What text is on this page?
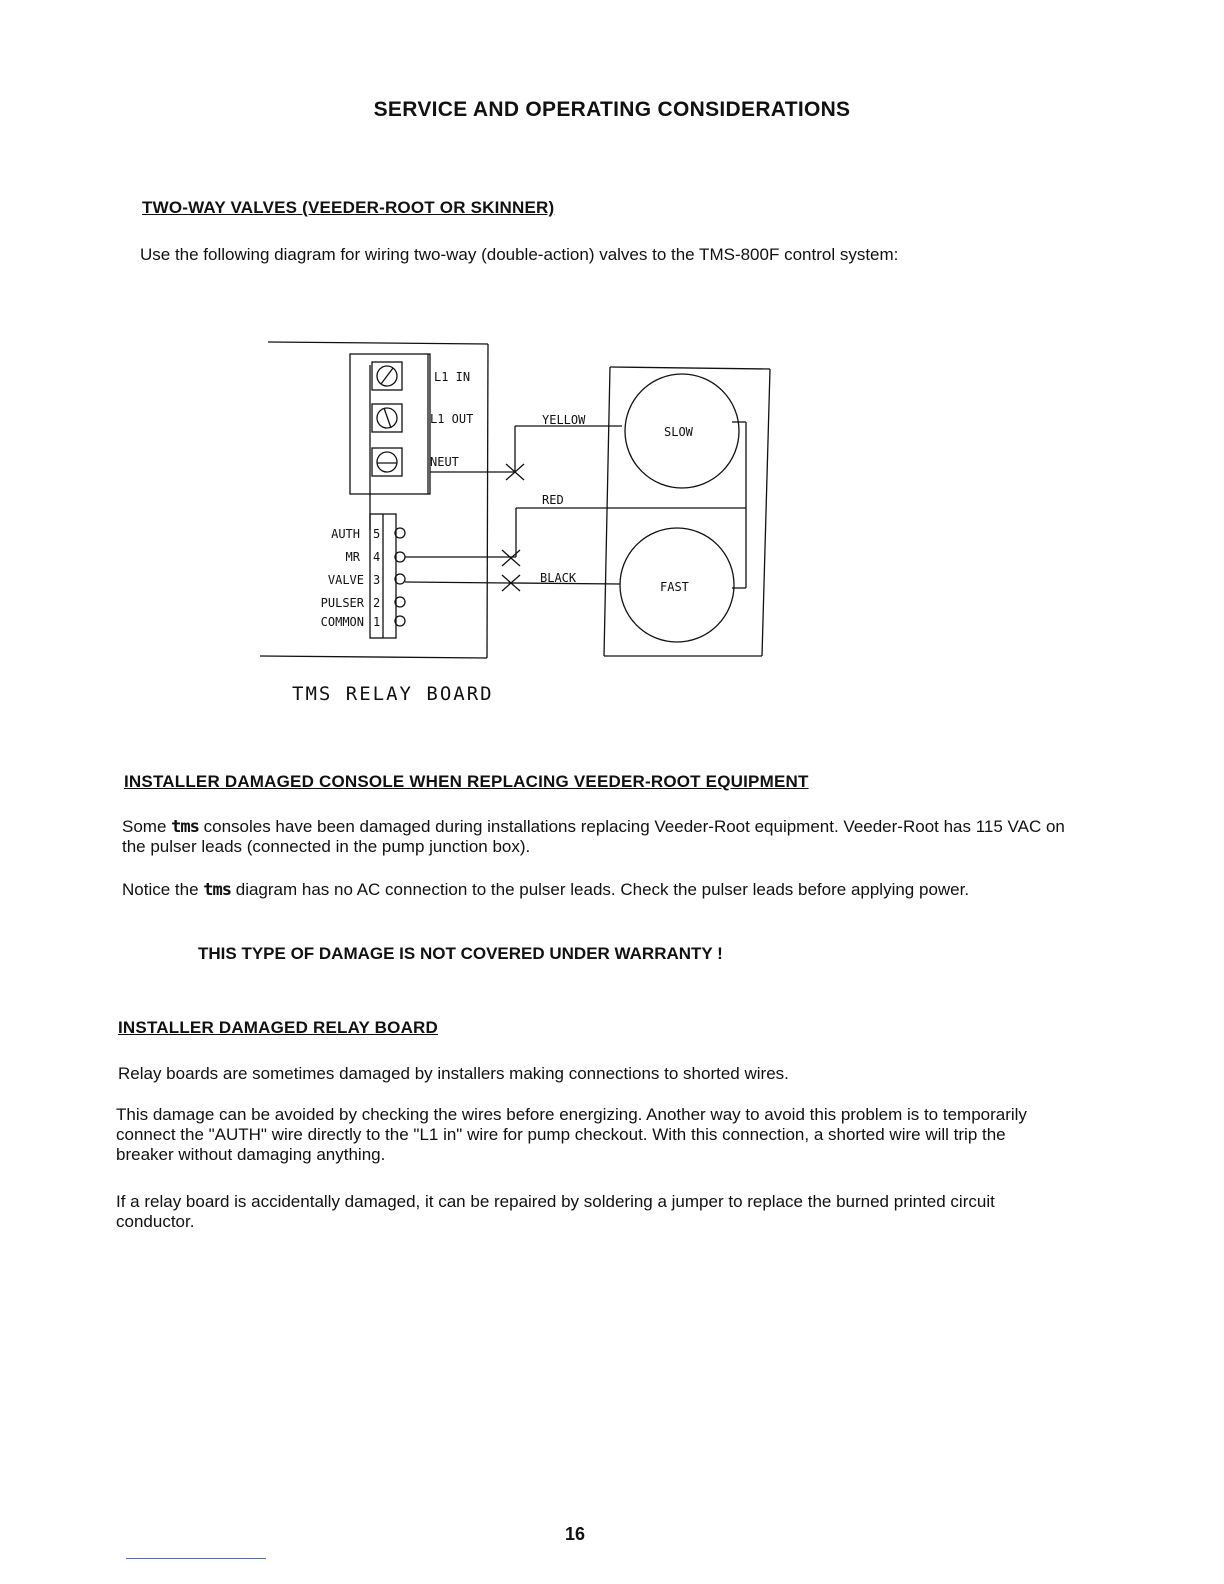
SERVICE AND OPERATING CONSIDERATIONS
TWO-WAY VALVES (VEEDER-ROOT OR SKINNER)
Use the following diagram for wiring two-way (double-action) valves to the TMS-800F control system:
L1 IN
L1 OUT
NEUT
YELLOW
RED
BLACK
SLOW
FAST
AUTH
MR
VALVE
PULSER
COMMON
5
4
3
2
1
TMS RELAY BOARD
INSTALLER DAMAGED CONSOLE WHEN REPLACING VEEDER-ROOT EQUIPMENT
Some tms consoles have been damaged during installations replacing Veeder-Root equipment. Veeder-Root has 115 VAC on the pulser leads (connected in the pump junction box).
Notice the tms diagram has no AC connection to the pulser leads. Check the pulser leads before applying power.
THIS TYPE OF DAMAGE IS NOT COVERED UNDER WARRANTY !
INSTALLER DAMAGED RELAY BOARD
Relay boards are sometimes damaged by installers making connections to shorted wires.
This damage can be avoided by checking the wires before energizing. Another way to avoid this problem is to temporarily connect the "AUTH" wire directly to the "L1 in" wire for pump checkout. With this connection, a shorted wire will trip the breaker without damaging anything.
If a relay board is accidentally damaged, it can be repaired by soldering a jumper to replace the burned printed circuit conductor.
16
